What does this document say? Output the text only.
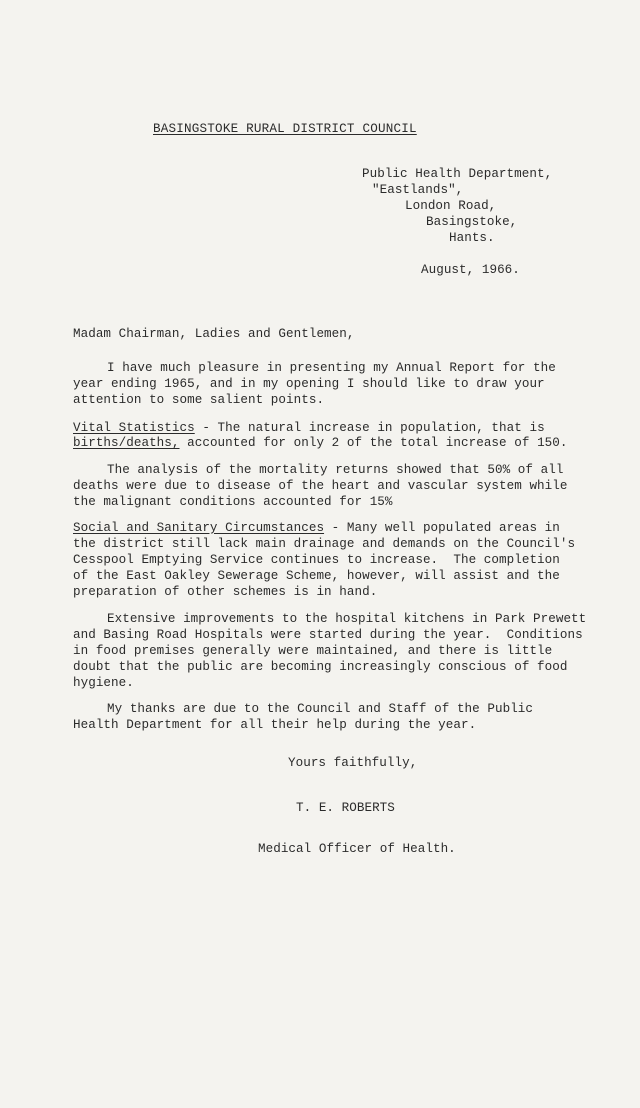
BASINGSTOKE RURAL DISTRICT COUNCIL
Public Health Department,
"Eastlands",
London Road,
Basingstoke,
Hants.
August, 1966.
Madam Chairman, Ladies and Gentlemen,
I have much pleasure in presenting my Annual Report for the
year ending 1965, and in my opening I should like to draw your
attention to some salient points.
Vital Statistics - The natural increase in population, that is
births/deaths, accounted for only 2 of the total increase of 150.
The analysis of the mortality returns showed that 50% of all
deaths were due to disease of the heart and vascular system while
the malignant conditions accounted for 15%
Social and Sanitary Circumstances - Many well populated areas in
the district still lack main drainage and demands on the Council's
Cesspool Emptying Service continues to increase.  The completion
of the East Oakley Sewerage Scheme, however, will assist and the
preparation of other schemes is in hand.
Extensive improvements to the hospital kitchens in Park Prewett
and Basing Road Hospitals were started during the year.  Conditions
in food premises generally were maintained, and there is little
doubt that the public are becoming increasingly conscious of food
hygiene.
My thanks are due to the Council and Staff of the Public
Health Department for all their help during the year.
Yours faithfully,
T. E. ROBERTS
Medical Officer of Health.
